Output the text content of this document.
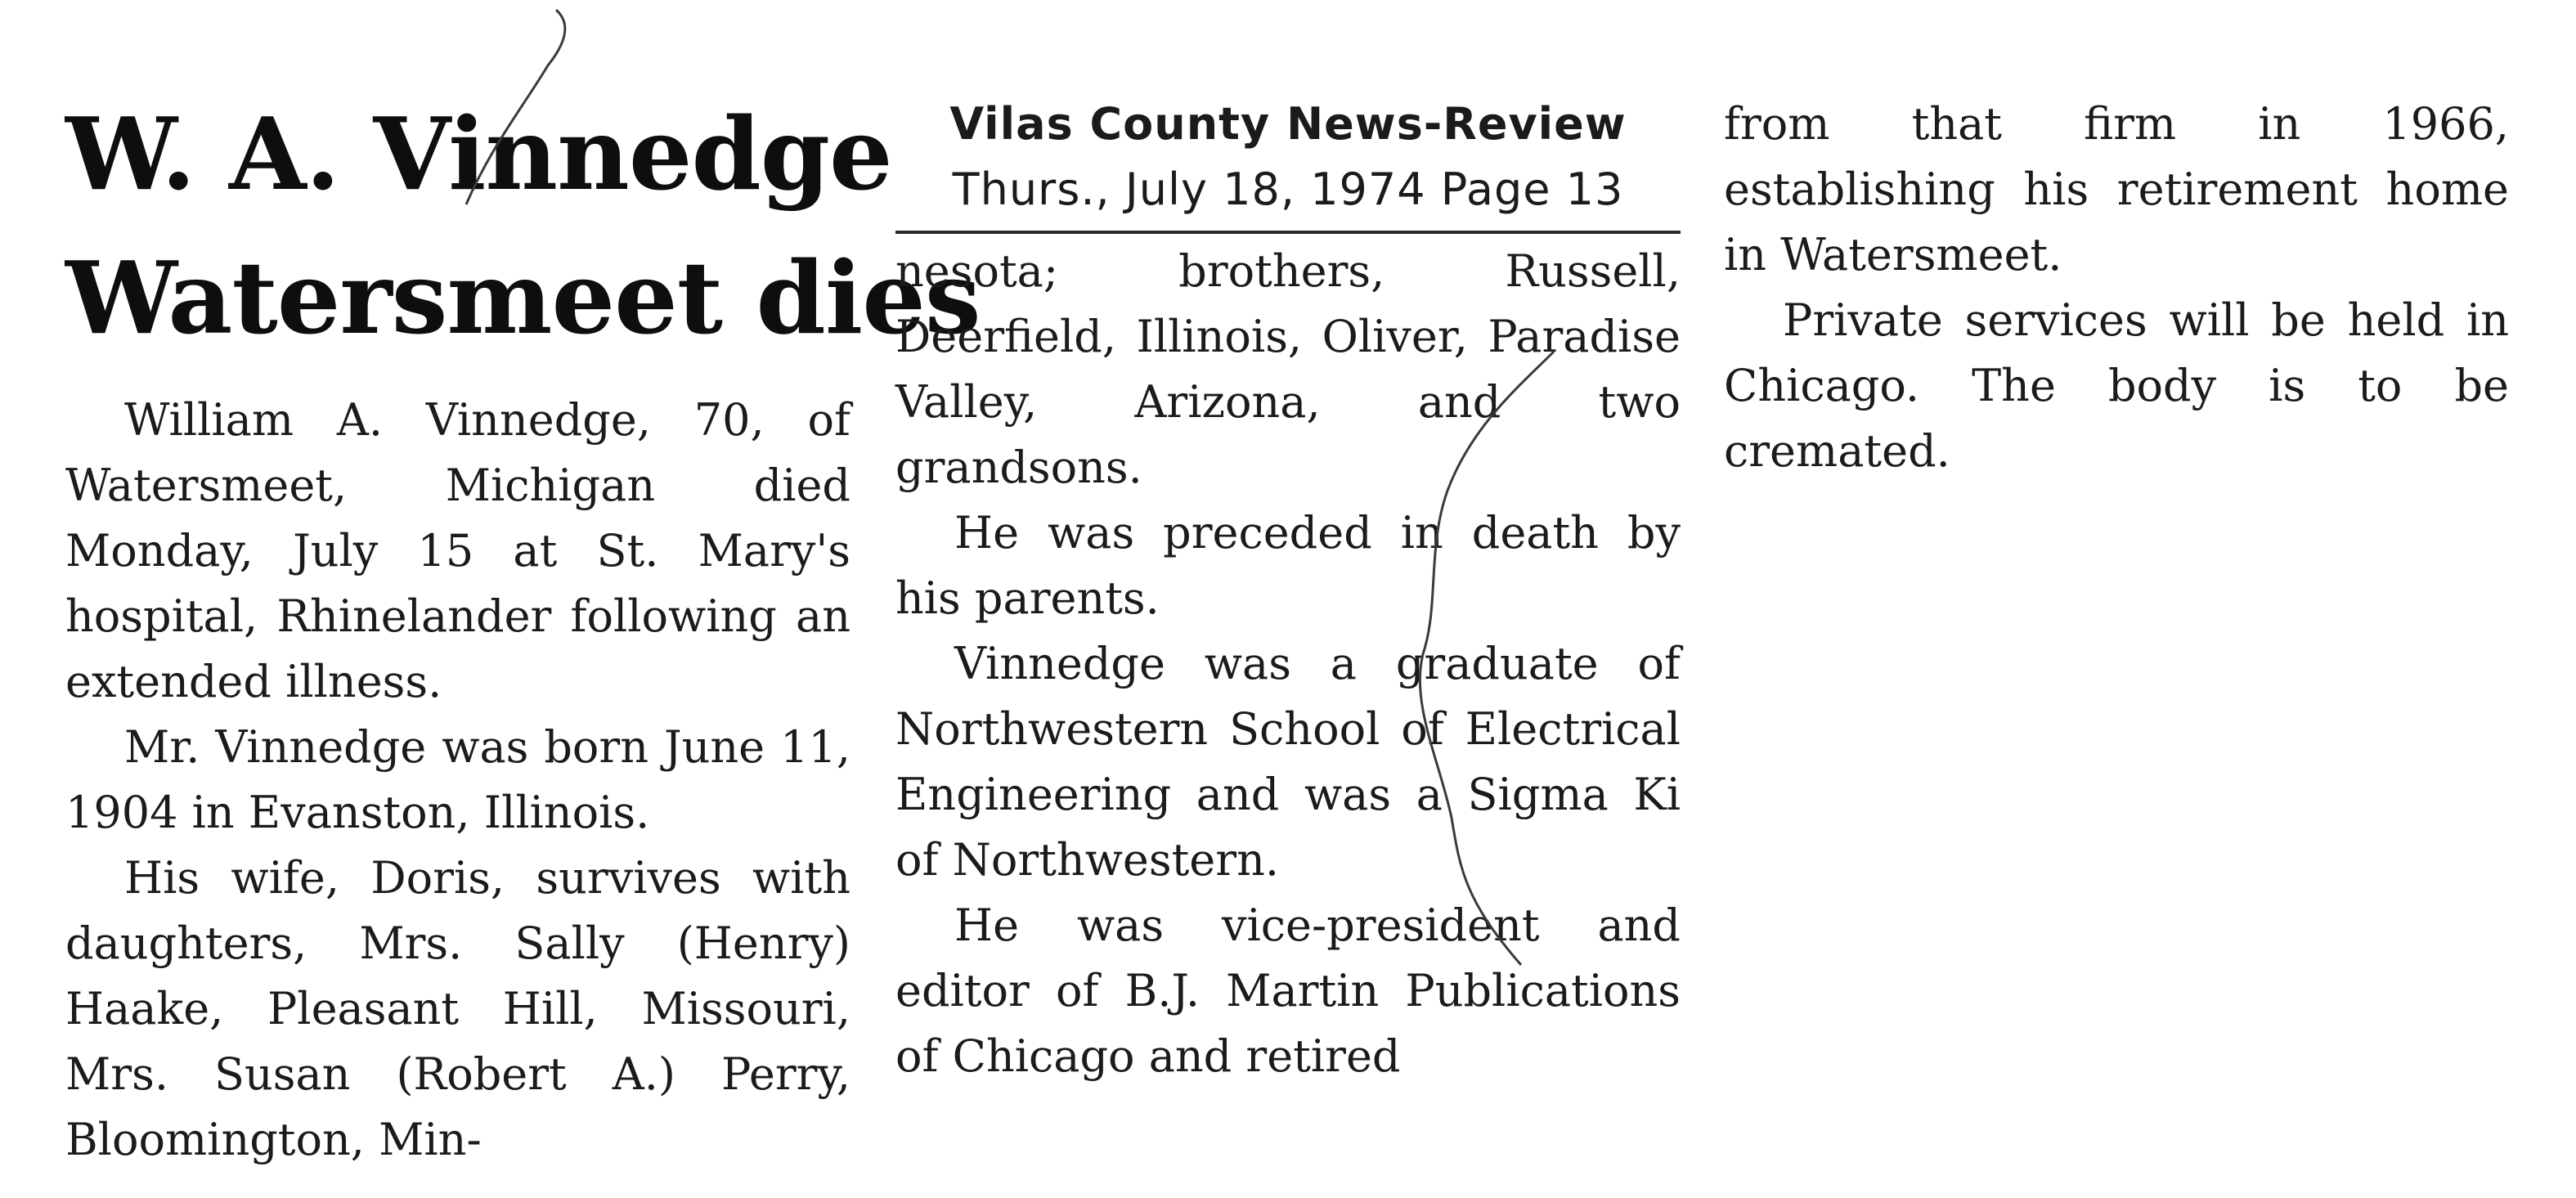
W. A. Vinnedge
Watersmeet dies
William A. Vinnedge, 70, of Watersmeet, Michigan died Monday, July 15 at St. Mary's hospital, Rhinelander following an extended illness.
Mr. Vinnedge was born June 11, 1904 in Evanston, Illinois.
His wife, Doris, survives with daughters, Mrs. Sally (Henry) Haake, Pleasant Hill, Missouri, Mrs. Susan (Robert A.) Perry, Bloomington, Min-
Vilas County News-Review
Thurs., July 18, 1974 Page 13
nesota; brothers, Russell, Deerfield, Illinois, Oliver, Paradise Valley, Arizona, and two grandsons.
He was preceded in death by his parents.
Vinnedge was a graduate of Northwestern School of Electrical Engineering and was a Sigma Ki of Northwestern.
He was vice-president and editor of B.J. Martin Publications of Chicago and retired
from that firm in 1966, establishing his retirement home in Watersmeet.
Private services will be held in Chicago. The body is to be cremated.
